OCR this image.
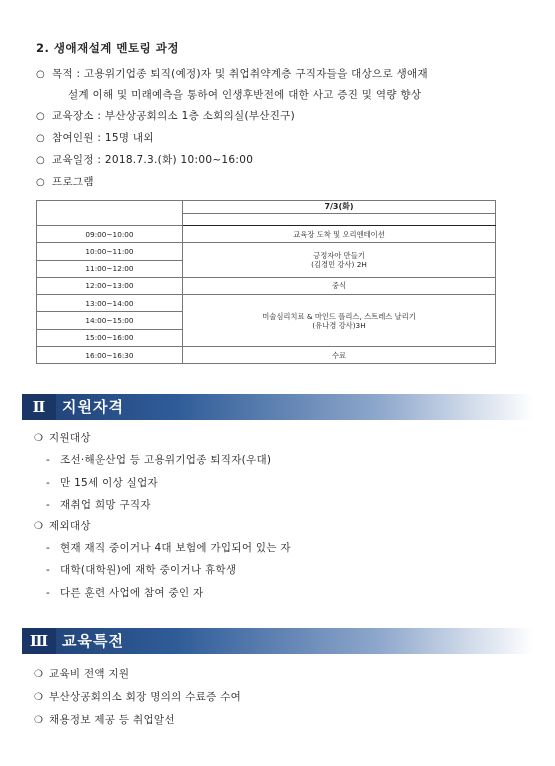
2. 생애재설계 멘토링 과정
○ 목적 : 고용위기업종 퇴직(예정)자 및 취업취약계층 구직자들을 대상으로 생애재
설계 이해 및 미래예측을 통하여 인생후반전에 대한 사고 증진 및 역량 향상
○ 교육장소 : 부산상공회의소 1층 소회의실(부산진구)
○ 참여인원 : 15명 내외
○ 교육일정 : 2018.7.3.(화) 10:00~16:00
○ 프로그램
	7/3(화)

09:00~10:00	교육장 도착 및 오리엔테이션
10:00~11:00	긍정자아 만들기
(김경민 강사) 2H

11:00~12:00	
12:00~13:00	중식
13:00~14:00	미술심리치료 & 마인드 플리스, 스트레스 날리기
(유나경 강사)3H

14:00~15:00	
15:00~16:00	
16:00~16:30	수료
Ⅱ	지원자격
❍ 지원대상
- 조선·해운산업 등 고용위기업종 퇴직자(우대)
- 만 15세 이상 실업자
- 재취업 희망 구직자
❍ 제외대상
- 현재 재직 중이거나 4대 보험에 가입되어 있는 자
- 대학(대학원)에 재학 중이거나 휴학생
- 다른 훈련 사업에 참여 중인 자
Ⅲ 교육특전
❍ 교육비 전액 지원
❍ 부산상공회의소 회장 명의의 수료증 수여
❍ 채용정보 제공 등 취업알선
